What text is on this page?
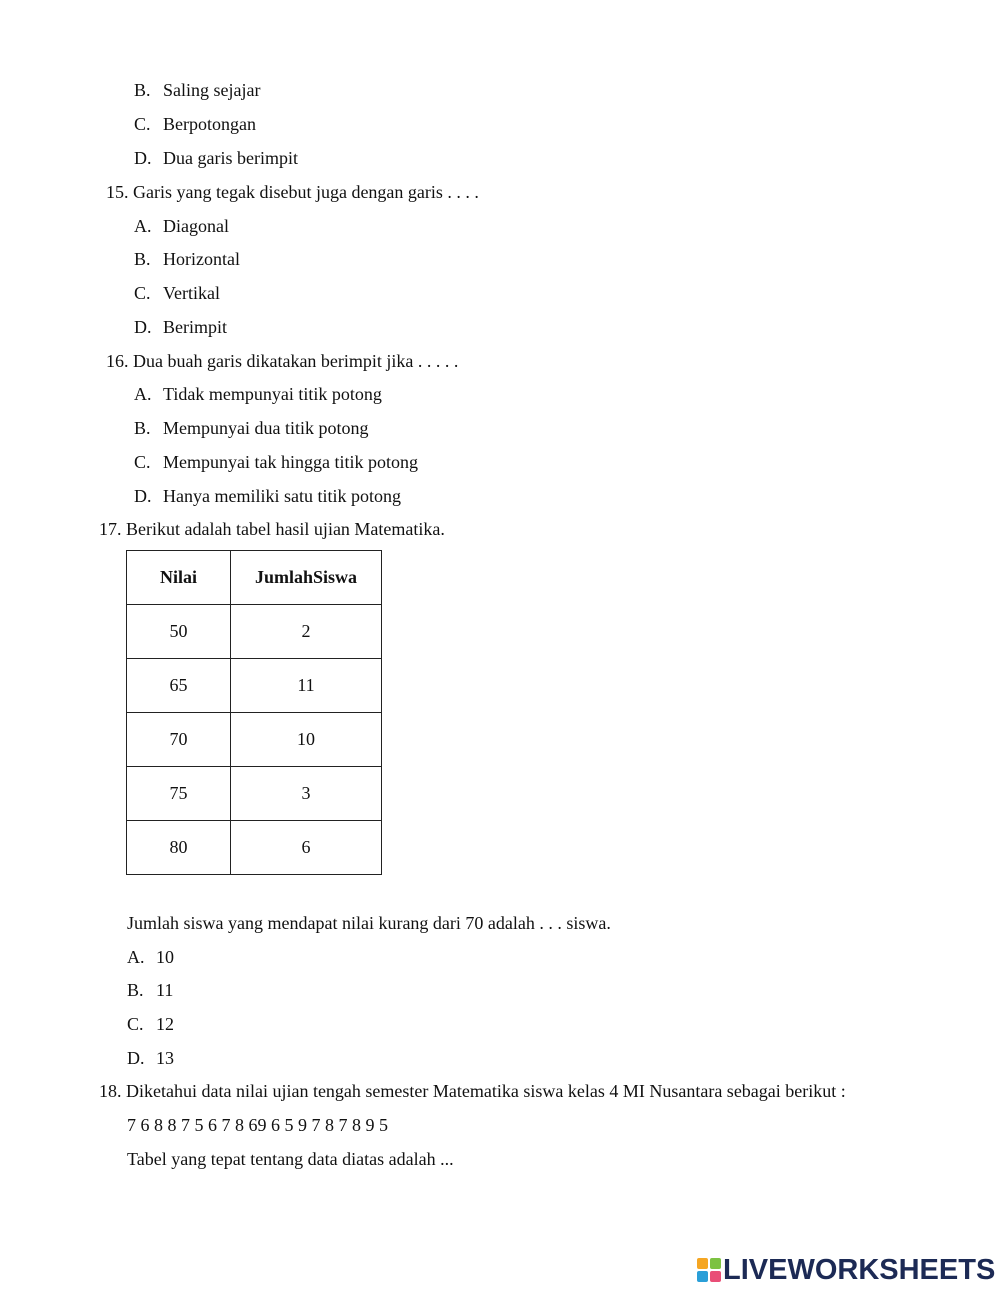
B. Saling sejajar
C. Berpotongan
D. Dua garis berimpit
15. Garis yang tegak disebut juga dengan garis . . . .
A. Diagonal
B. Horizontal
C. Vertikal
D. Berimpit
16. Dua buah garis dikatakan berimpit jika . . . . .
A. Tidak mempunyai titik potong
B. Mempunyai dua titik potong
C. Mempunyai tak hingga titik potong
D. Hanya memiliki satu titik potong
17. Berikut adalah tabel hasil ujian Matematika.
Nilai	JumlahSiswa
50	2
65	11
70	10
75	3
80	6
Jumlah siswa yang mendapat nilai kurang dari 70 adalah . . . siswa.
A. 10
B. 11
C. 12
D. 13
18. Diketahui data nilai ujian tengah semester Matematika siswa kelas 4 MI Nusantara sebagai berikut :
7 6 8 8 7 5 6 7 8 69 6 5 9 7 8 7 8 9 5
Tabel yang tepat tentang data diatas adalah ...
LIVEWORKSHEETS
